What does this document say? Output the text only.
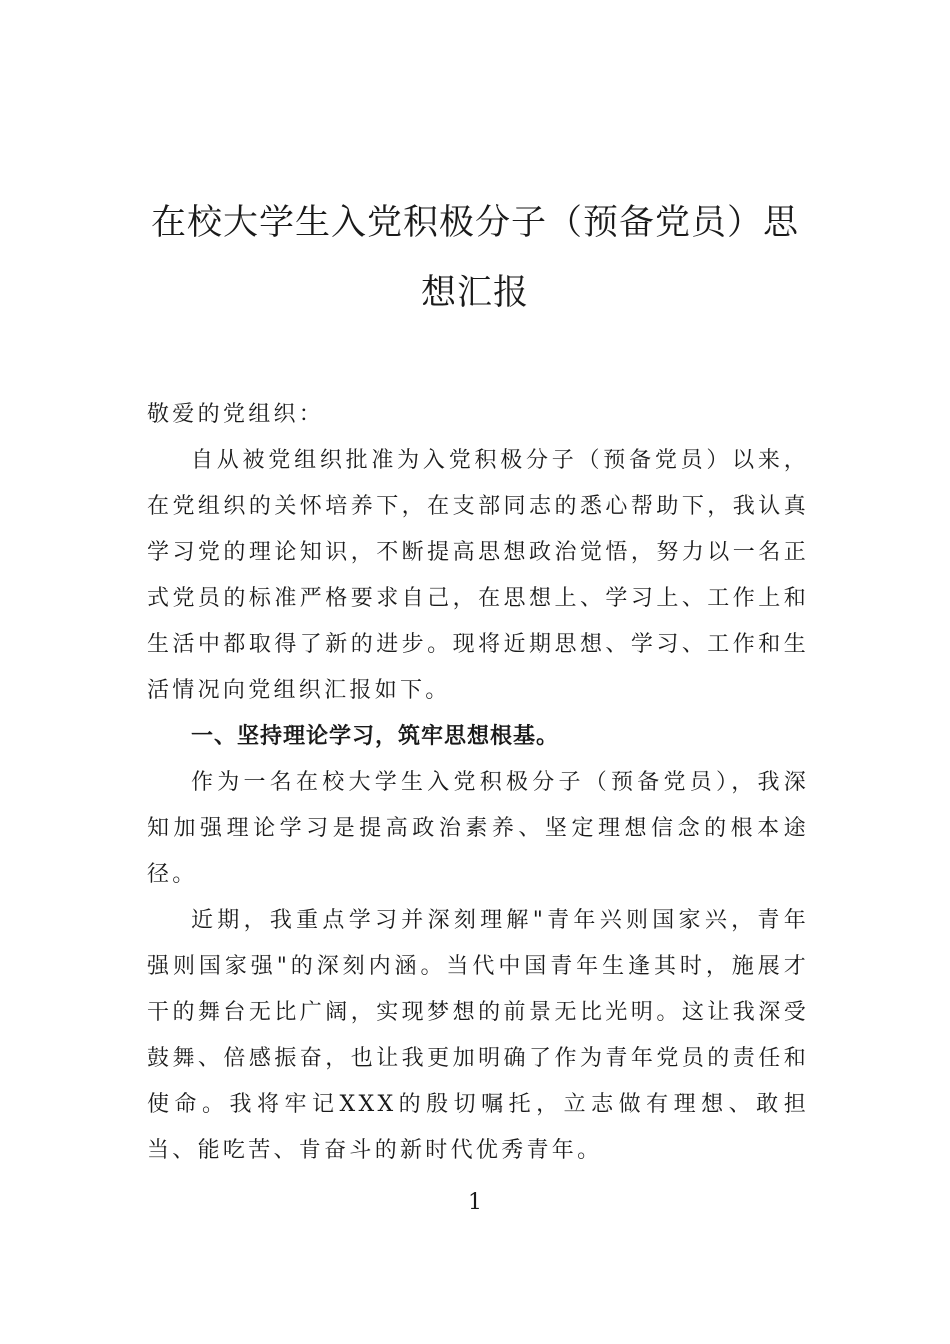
在校大学生入党积极分子（预备党员）思想汇报

敬爱的党组织：

自从被党组织批准为入党积极分子（预备党员）以来，在党组织的关怀培养下，在支部同志的悉心帮助下，我认真学习党的理论知识，不断提高思想政治觉悟，努力以一名正式党员的标准严格要求自己，在思想上、学习上、工作上和生活中都取得了新的进步。现将近期思想、学习、工作和生活情况向党组织汇报如下。

一、坚持理论学习，筑牢思想根基。

作为一名在校大学生入党积极分子（预备党员），我深知加强理论学习是提高政治素养、坚定理想信念的根本途径。

近期，我重点学习并深刻理解"青年兴则国家兴，青年强则国家强"的深刻内涵。当代中国青年生逢其时，施展才干的舞台无比广阔，实现梦想的前景无比光明。这让我深受鼓舞、倍感振奋，也让我更加明确了作为青年党员的责任和使命。我将牢记XXX的殷切嘱托，立志做有理想、敢担当、能吃苦、肯奋斗的新时代优秀青年。

1
